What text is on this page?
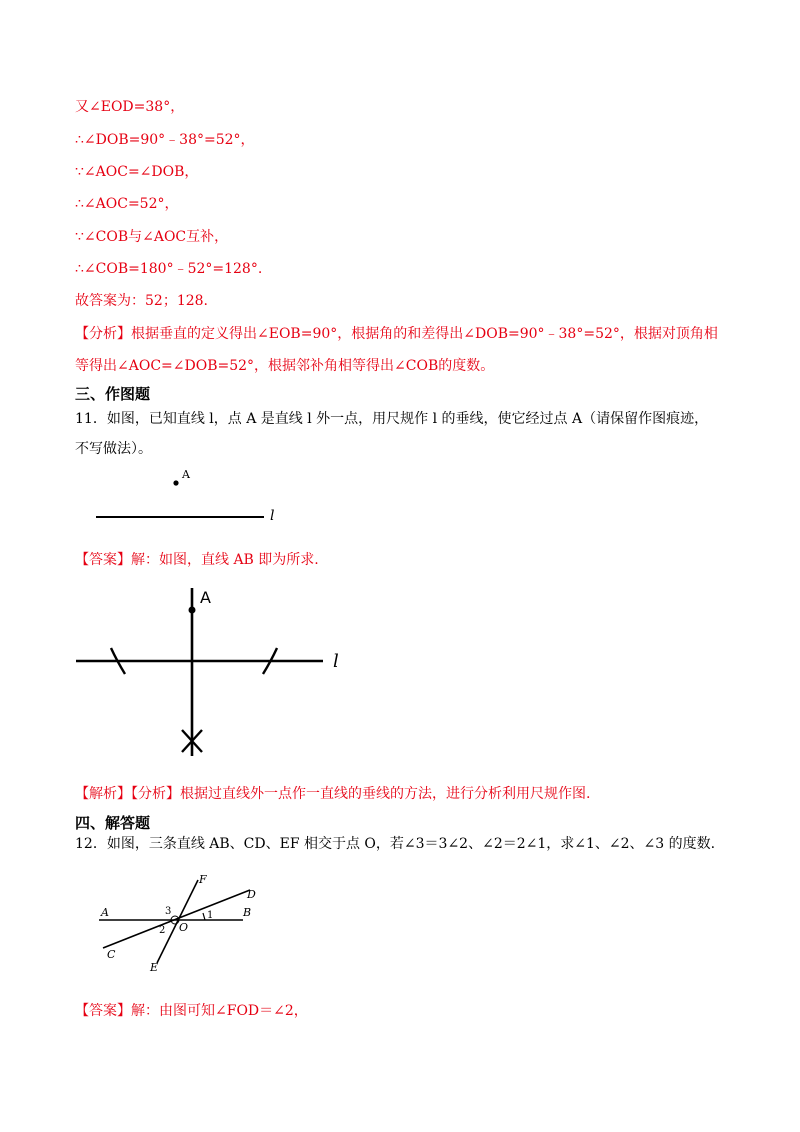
又∠EOD=38°，
∴∠DOB=90°﹣38°=52°，
∵∠AOC=∠DOB，
∴∠AOC=52°，
∵∠COB与∠AOC互补，
∴∠COB=180°﹣52°=128°.
故答案为：52；128.
【分析】根据垂直的定义得出∠EOB=90°，根据角的和差得出∠DOB=90°﹣38°=52°，根据对顶角相
等得出∠AOC=∠DOB=52°，根据邻补角相等得出∠COB的度数。
三、作图题
11．如图，已知直线 l，点 A 是直线 l 外一点，用尺规作 l 的垂线，使它经过点 A（请保留作图痕迹，
不写做法）。
A
l
【答案】解：如图，直线 AB 即为所求.
l
A
【解析】【分析】根据过直线外一点作一直线的垂线的方法，进行分析利用尺规作图.
四、解答题
12．如图，三条直线 AB、CD、EF 相交于点 O，若∠3＝3∠2、∠2＝2∠1，求∠1、∠2、∠3 的度数.
A	B
C
D
E
F
O
1
2
3
【答案】解：由图可知∠FOD＝∠2，
